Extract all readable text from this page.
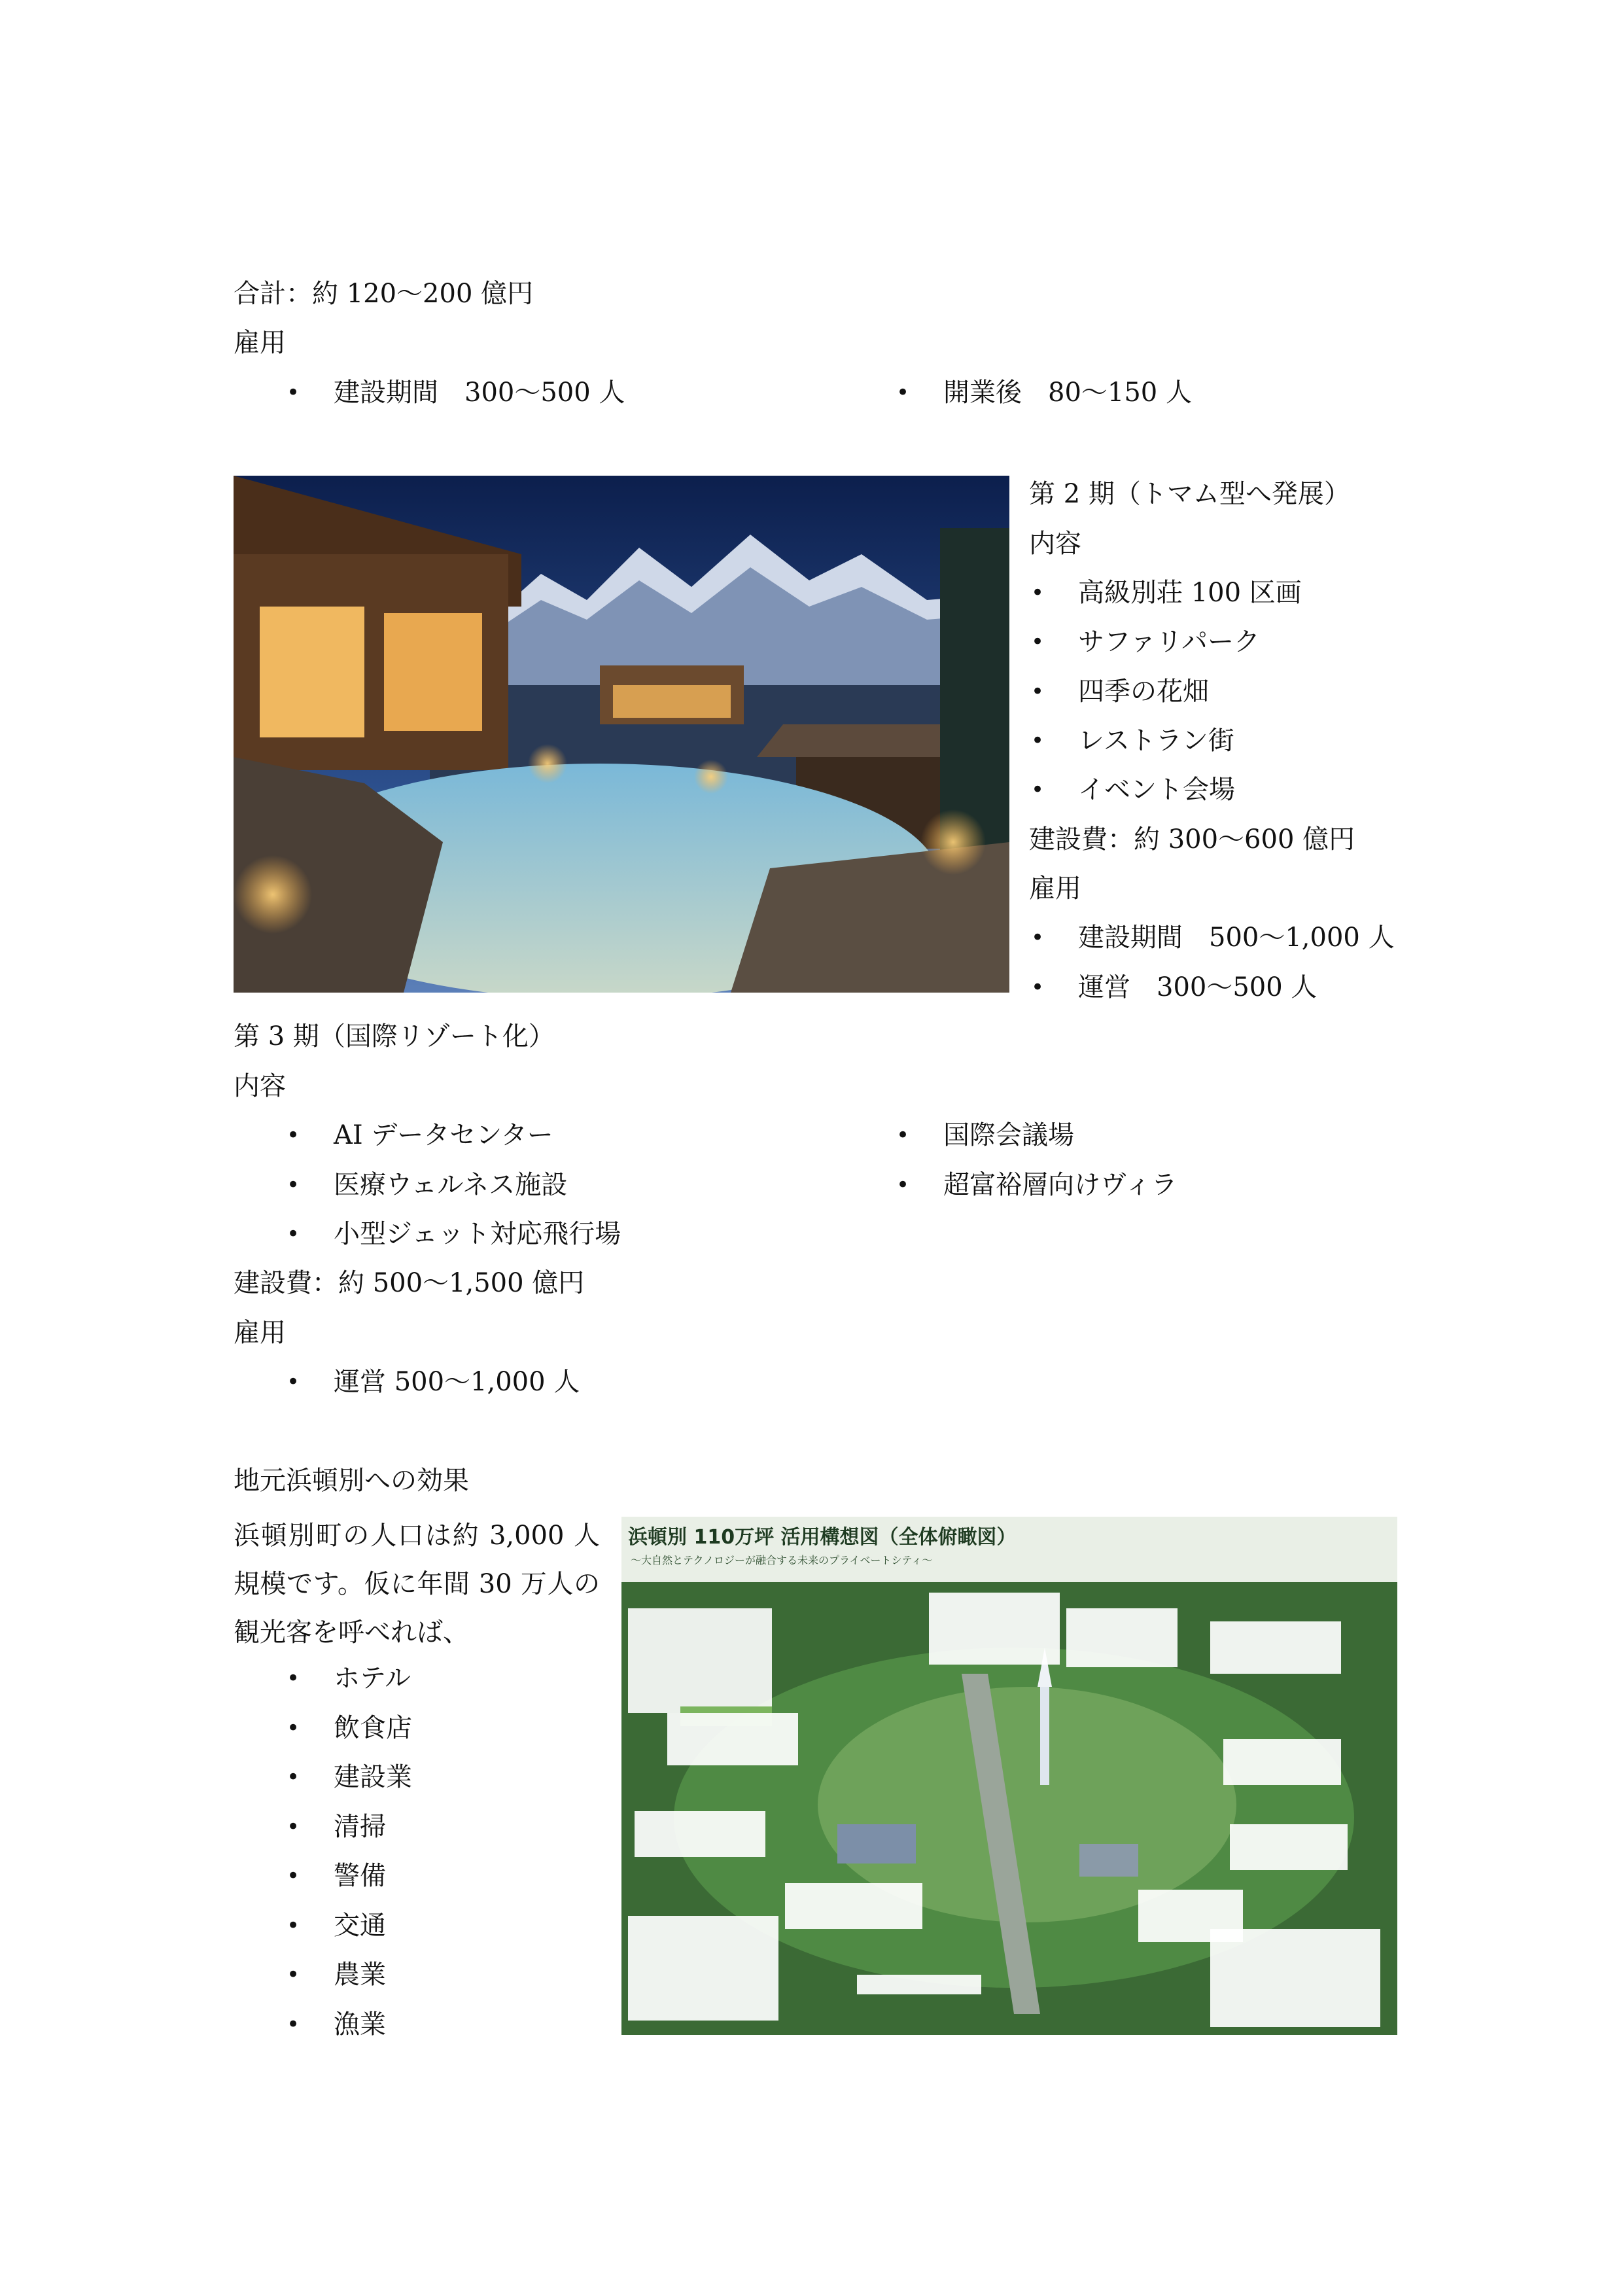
合計：約 120〜200 億円
雇用
• 建設期間　300〜500 人
•	開業後　80〜150 人
第 2 期（トマム型へ発展）
内容
• 高級別荘 100 区画
• サファリパーク
• 四季の花畑
• レストラン街
• イベント会場
建設費：約 300〜600 億円
雇用
• 建設期間　500〜1,000 人
• 運営　300〜500 人
第 3 期（国際リゾート化）
内容
• AI データセンター
• 医療ウェルネス施設
• 小型ジェット対応飛行場
• 国際会議場
• 超富裕層向けヴィラ
建設費：約 500〜1,500 億円
雇用
• 運営 500〜1,000 人
地元浜頓別への効果
浜頓別町の人口は約 3,000 人規模です。仮に年間 30 万人の観光客を呼べれば、
• ホテル
• 飲食店
• 建設業
• 清掃
• 警備
• 交通
• 農業
• 漁業
浜頓別 110万坪 活用構想図（全体俯瞰図）
〜大自然とテクノロジーが融合する未来のプライベートシティ〜
